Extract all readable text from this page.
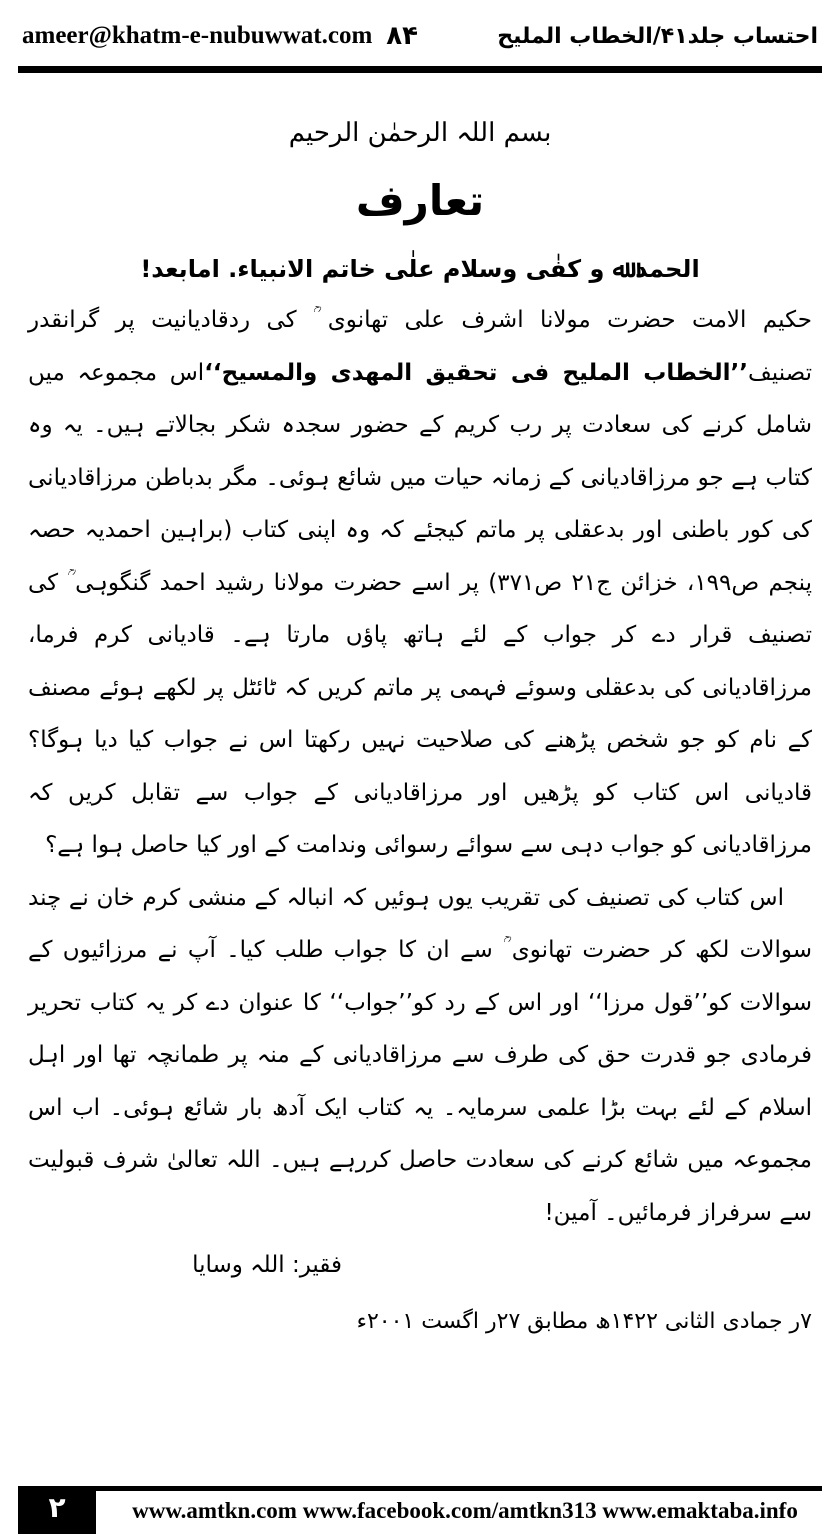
ameer@khatm-e-nubuwwat.com ۸۴	احتساب جلد۴۱/الخطاب الملیح
بسم اللہ الرحمٰن الرحیم
تعارف
الحمد ﷲ و کفٰی وسلام علٰی خاتم الانبیاء. امابعد!

حکیم الامت حضرت مولانا اشرف علی تھانوی ؒ کی ردقادیانیت پر گرانقدر تصنیف’’الخطاب الملیح فی تحقیق المهدی والمسیح‘‘اس مجموعہ میں شامل کرنے کی سعادت پر رب کریم کے حضور سجدہ شکر بجالاتے ہیں۔ یہ وہ کتاب ہے جو مرزاقادیانی کے زمانہ حیات میں شائع ہوئی۔ مگر بدباطن مرزاقادیانی کی کور باطنی اور بدعقلی پر ماتم کیجئے کہ وہ اپنی کتاب (براہین احمدیہ حصہ پنجم ص۱۹۹، خزائن ج۲۱ ص۳۷۱) پر اسے حضرت مولانا رشید احمد گنگوہی ؒ کی تصنیف قرار دے کر جواب کے لئے ہاتھ پاؤں مارتا ہے۔ قادیانی کرم فرما، مرزاقادیانی کی بدعقلی وسوئے فہمی پر ماتم کریں کہ ٹائٹل پر لکھے ہوئے مصنف کے نام کو جو شخص پڑھنے کی صلاحیت نہیں رکھتا اس نے جواب کیا دیا ہوگا؟ قادیانی اس کتاب کو پڑھیں اور مرزاقادیانی کے جواب سے تقابل کریں کہ مرزاقادیانی کو جواب دہی سے سوائے رسوائی وندامت کے اور کیا حاصل ہوا ہے؟

اس کتاب کی تصنیف کی تقریب یوں ہوئیں کہ انبالہ کے منشی کرم خان نے چند سوالات لکھ کر حضرت تھانوی ؒ سے ان کا جواب طلب کیا۔ آپ نے مرزائیوں کے سوالات کو’’قول مرزا‘‘ اور اس کے رد کو’’جواب‘‘ کا عنوان دے کر یہ کتاب تحریر فرمادی جو قدرت حق کی طرف سے مرزاقادیانی کے منہ پر طمانچہ تھا اور اہل اسلام کے لئے بہت بڑا علمی سرمایہ۔ یہ کتاب ایک آدھ بار شائع ہوئی۔ اب اس مجموعہ میں شائع کرنے کی سعادت حاصل کررہے ہیں۔ اللہ تعالیٰ شرف قبولیت سے سرفراز فرمائیں۔ آمین!

فقیر: اللہ وسایا

۷ر جمادی الثانی ۱۴۲۲ھ مطابق ۲۷ر اگست ۲۰۰۱ء

۲	www.amtkn.com www.facebook.com/amtkn313 www.emaktaba.info
